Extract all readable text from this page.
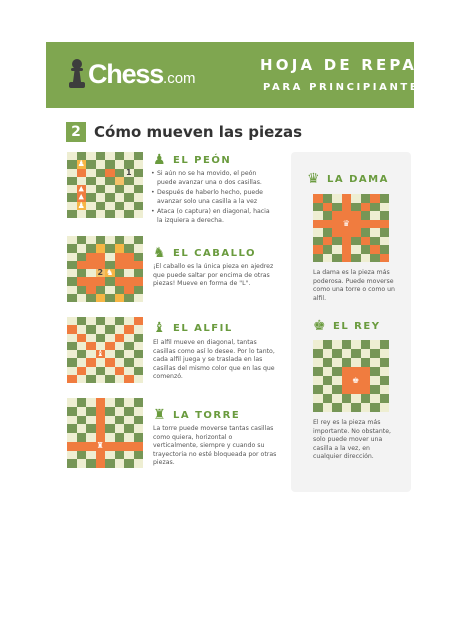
Chess .com
HOJA DE REPASO
PARA PRINCIPIANTES
2 Cómo mueven las piezas
♟
1
▲
▲
♟
2 ♞
♝
♜
♛
♚
♟ EL PEÓN
• Si aún no se ha movido, el peón puede avanzar una o dos casillas.
• Después de haberlo hecho, puede avanzar solo una casilla a la vez
• Ataca (o captura) en diagonal, hacia la izquiera a derecha.
♞ EL CABALLO
¡El caballo es la única pieza en ajedrez que puede saltar por encima de otras piezas! Mueve en forma de "L".
♝ EL ALFIL
El alfil mueve en diagonal, tantas casillas como así lo desee. Por lo tanto, cada alfil juega y se traslada en las casillas del mismo color que en las que comenzó.
♜ LA TORRE
La torre puede moverse tantas casillas como quiera, horizontal o verticalmente, siempre y cuando su trayectoria no esté bloqueada por otras piezas.
♛ LA DAMA
La dama es la pieza más poderosa. Puede moverse como una torre o como un alfil.
♚ EL REY
El rey es la pieza más importante. No obstante, solo puede mover una casilla a la vez, en cualquier dirección.
